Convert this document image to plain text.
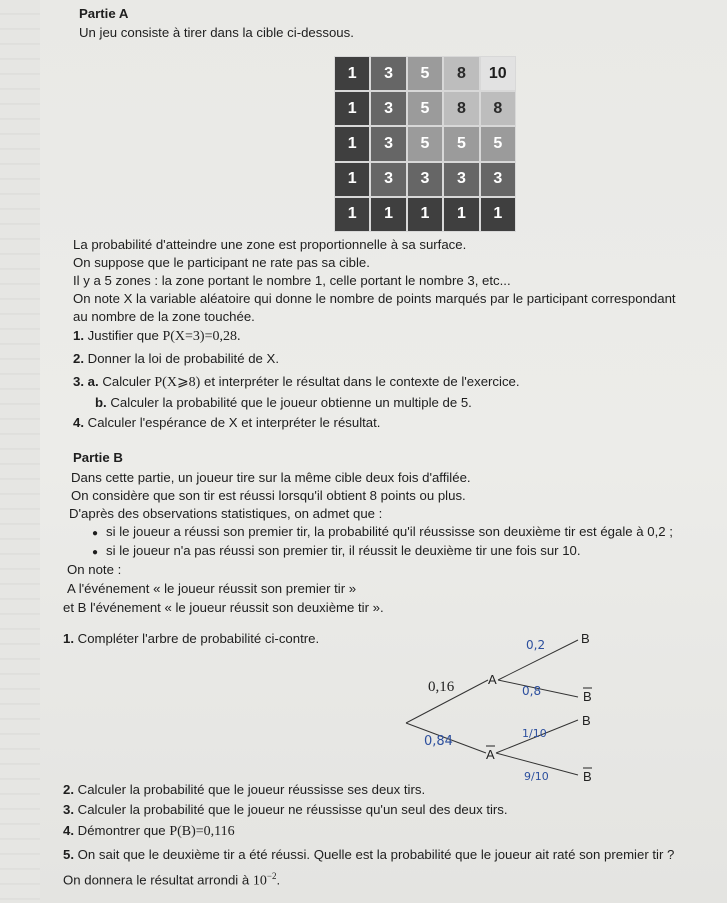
Partie A
Un jeu consiste à tirer dans la cible ci-dessous.
1	3	5	8	10
1	3	5	8	8
1	3	5	5	5
1	3	3	3	3
1	1	1	1	1
La probabilité d'atteindre une zone est proportionnelle à sa surface.
On suppose que le participant ne rate pas sa cible.
Il y a 5 zones : la zone portant le nombre 1, celle portant le nombre 3, etc...
On note X la variable aléatoire qui donne le nombre de points marqués par le participant correspondant
au nombre de la zone touchée.
1. Justifier que P(X=3)=0,28.
2. Donner la loi de probabilité de X.
3. a. Calculer P(X⩾8) et interpréter le résultat dans le contexte de l'exercice.
b. Calculer la probabilité que le joueur obtienne un multiple de 5.
4. Calculer l'espérance de X et interpréter le résultat.
Partie B
Dans cette partie, un joueur tire sur la même cible deux fois d'affilée.
On considère que son tir est réussi lorsqu'il obtient 8 points ou plus.
D'après des observations statistiques, on admet que :
● si le joueur a réussi son premier tir, la probabilité qu'il réussisse son deuxième tir est égale à 0,2 ;
● si le joueur n'a pas réussi son premier tir, il réussit le deuxième tir une fois sur 10.
On note :
A l'événement « le joueur réussit son premier tir »
et B l'événement « le joueur réussit son deuxième tir ».
1. Compléter l'arbre de probabilité ci-contre.
0,16
0,84
A
A
0,2
0,8
1/10
9/10
B
B
B
B
2. Calculer la probabilité que le joueur réussisse ses deux tirs.
3. Calculer la probabilité que le joueur ne réussisse qu'un seul des deux tirs.
4. Démontrer que P(B)=0,116
5. On sait que le deuxième tir a été réussi. Quelle est la probabilité que le joueur ait raté son premier tir ?
On donnera le résultat arrondi à $10^{-2}$.
